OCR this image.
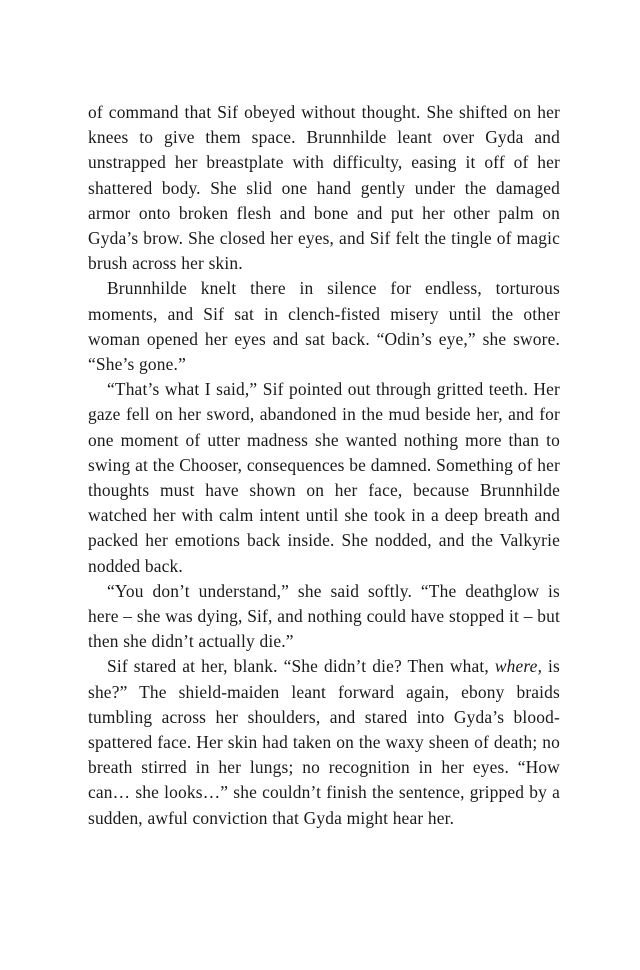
of command that Sif obeyed without thought. She shifted on her knees to give them space. Brunnhilde leant over Gyda and unstrapped her breastplate with difficulty, easing it off of her shattered body. She slid one hand gently under the damaged armor onto broken flesh and bone and put her other palm on Gyda’s brow. She closed her eyes, and Sif felt the tingle of magic brush across her skin.

Brunnhilde knelt there in silence for endless, torturous moments, and Sif sat in clench-fisted misery until the other woman opened her eyes and sat back. “Odin’s eye,” she swore. “She’s gone.”

“That’s what I said,” Sif pointed out through gritted teeth. Her gaze fell on her sword, abandoned in the mud beside her, and for one moment of utter madness she wanted nothing more than to swing at the Chooser, consequences be damned. Something of her thoughts must have shown on her face, because Brunnhilde watched her with calm intent until she took in a deep breath and packed her emotions back inside. She nodded, and the Valkyrie nodded back.

“You don’t understand,” she said softly. “The deathglow is here – she was dying, Sif, and nothing could have stopped it – but then she didn’t actually die.”

Sif stared at her, blank. “She didn’t die? Then what, where, is she?” The shield-maiden leant forward again, ebony braids tumbling across her shoulders, and stared into Gyda’s blood-spattered face. Her skin had taken on the waxy sheen of death; no breath stirred in her lungs; no recognition in her eyes. “How can… she looks…” she couldn’t finish the sentence, gripped by a sudden, awful conviction that Gyda might hear her.
